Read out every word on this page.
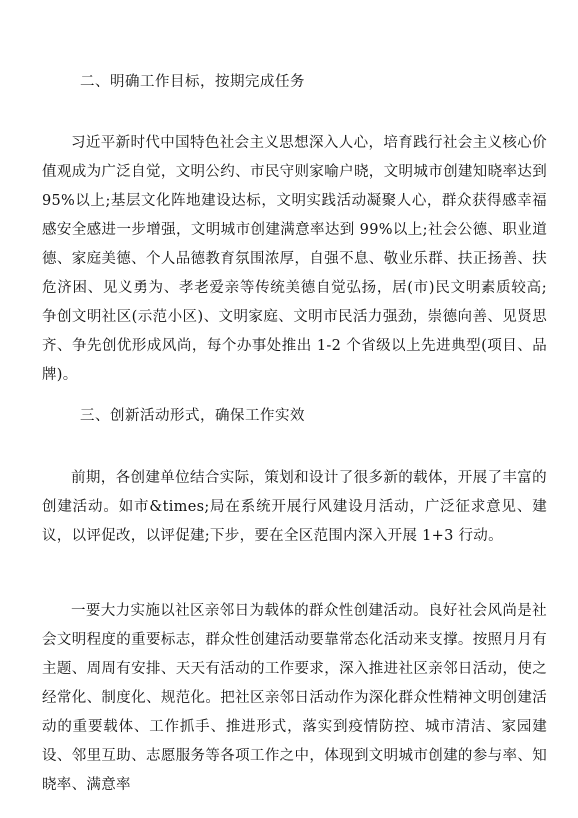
二、明确工作目标，按期完成任务
习近平新时代中国特色社会主义思想深入人心，培育践行社会主义核心价值观成为广泛自觉，文明公约、市民守则家喻户晓，文明城市创建知晓率达到 95%以上;基层文化阵地建设达标，文明实践活动凝聚人心，群众获得感幸福感安全感进一步增强，文明城市创建满意率达到 99%以上;社会公德、职业道德、家庭美德、个人品德教育氛围浓厚，自强不息、敬业乐群、扶正扬善、扶危济困、见义勇为、孝老爱亲等传统美德自觉弘扬，居(市)民文明素质较高;争创文明社区(示范小区)、文明家庭、文明市民活力强劲，崇德向善、见贤思齐、争先创优形成风尚，每个办事处推出 1-2 个省级以上先进典型(项目、品牌)。
三、创新活动形式，确保工作实效
前期，各创建单位结合实际，策划和设计了很多新的载体，开展了丰富的创建活动。如市&times;局在系统开展行风建设月活动，广泛征求意见、建议，以评促改，以评促建;下步，要在全区范围内深入开展 1+3 行动。
一要大力实施以社区亲邻日为载体的群众性创建活动。良好社会风尚是社会文明程度的重要标志，群众性创建活动要靠常态化活动来支撑。按照月月有主题、周周有安排、天天有活动的工作要求，深入推进社区亲邻日活动，使之经常化、制度化、规范化。把社区亲邻日活动作为深化群众性精神文明创建活动的重要载体、工作抓手、推进形式，落实到疫情防控、城市清洁、家园建设、邻里互助、志愿服务等各项工作之中，体现到文明城市创建的参与率、知晓率、满意率
